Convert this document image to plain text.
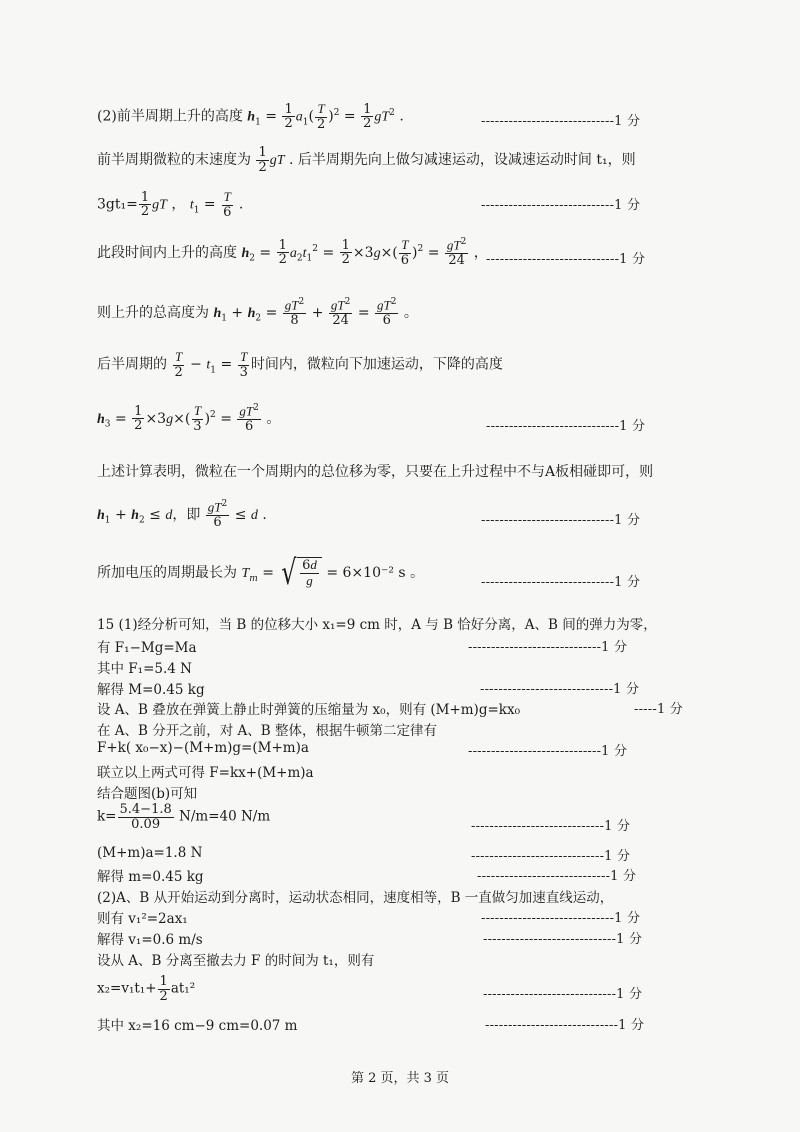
(2)前半周期上升的高度 $h_1 = \frac{1}{2} a_1( \frac{T}{2} )^2 = \frac{1}{2} gT^2$ .	-----------------------------1 分
前半周期微粒的末速度为 $\frac{1}{2}$ gT . 后半周期先向上做匀减速运动，设减速运动时间 t₁，则
$3gt_1= \frac{1}{2}$ gT ， $t_1 = \frac{T}{6}$ .	-----------------------------1 分
此段时间内上升的高度 $h_2 = \frac{1}{2} a_2t_1^2 = \frac{1}{2} \times 3g\times( \frac{T}{6} )^2 = \frac{gT^2}{24}$ ，
-----------------------------1 分
则上升的总高度为 $h_1 + h_2 = \frac{gT^2}{8} + \frac{gT^2}{24} = \frac{gT^2}{6}$ 。
后半周期的 $\frac{T}{2} - t_1 = \frac{T}{3}$ 时间内，微粒向下加速运动，下降的高度
$h_3 = \frac{1}{2} \times 3g\times( \frac{T}{3} )^2 = \frac{gT^2}{6}$ 。	-----------------------------1 分
上述计算表明，微粒在一个周期内的总位移为零，只要在上升过程中不与A板相碰即可，则
$h_1 + h_2 \le d$，即 $\frac{gT^2}{6} \le d$ .	-----------------------------1 分
所加电压的周期最长为 $T_m$ = √ $\frac{6d}{g} = 6\times 10^{-2}$ s 。
-----------------------------1 分
15 (1)经分析可知，当 B 的位移大小 x₁=9 cm 时，A 与 B 恰好分离，A、B 间的弹力为零，
有 F₁−Mg=Ma	-----------------------------1 分
其中 F₁=5.4 N
解得 M=0.45 kg	-----------------------------1 分
设 A、B 叠放在弹簧上静止时弹簧的压缩量为 x₀，则有 (M+m)g=kx₀	-----1 分
在 A、B 分开之前，对 A、B 整体，根据牛顿第二定律有
F+k( x₀−x)−(M+m)g=(M+m)a	-----------------------------1 分
联立以上两式可得 F=kx+(M+m)a
结合题图(b)可知
$k= \frac{5.4-1.8}{0.09} N/m=40$ N/m
-----------------------------1 分
(M+m)a=1.8 N	-----------------------------1 分
解得 m=0.45 kg	-----------------------------1 分
(2)A、B 从开始运动到分离时，运动状态相同，速度相等，B 一直做匀加速直线运动，
则有 v₁²=2ax₁	-----------------------------1 分
解得 v₁=0.6 m/s	-----------------------------1 分
设从 A、B 分离至撤去力 F 的时间为 t₁，则有
$x_2=v_1t_1+ \frac{1}{2} at_1^2$	-----------------------------1 分
其中 x₂=16 cm−9 cm=0.07 m	-----------------------------1 分
第 2 页，共 3 页
